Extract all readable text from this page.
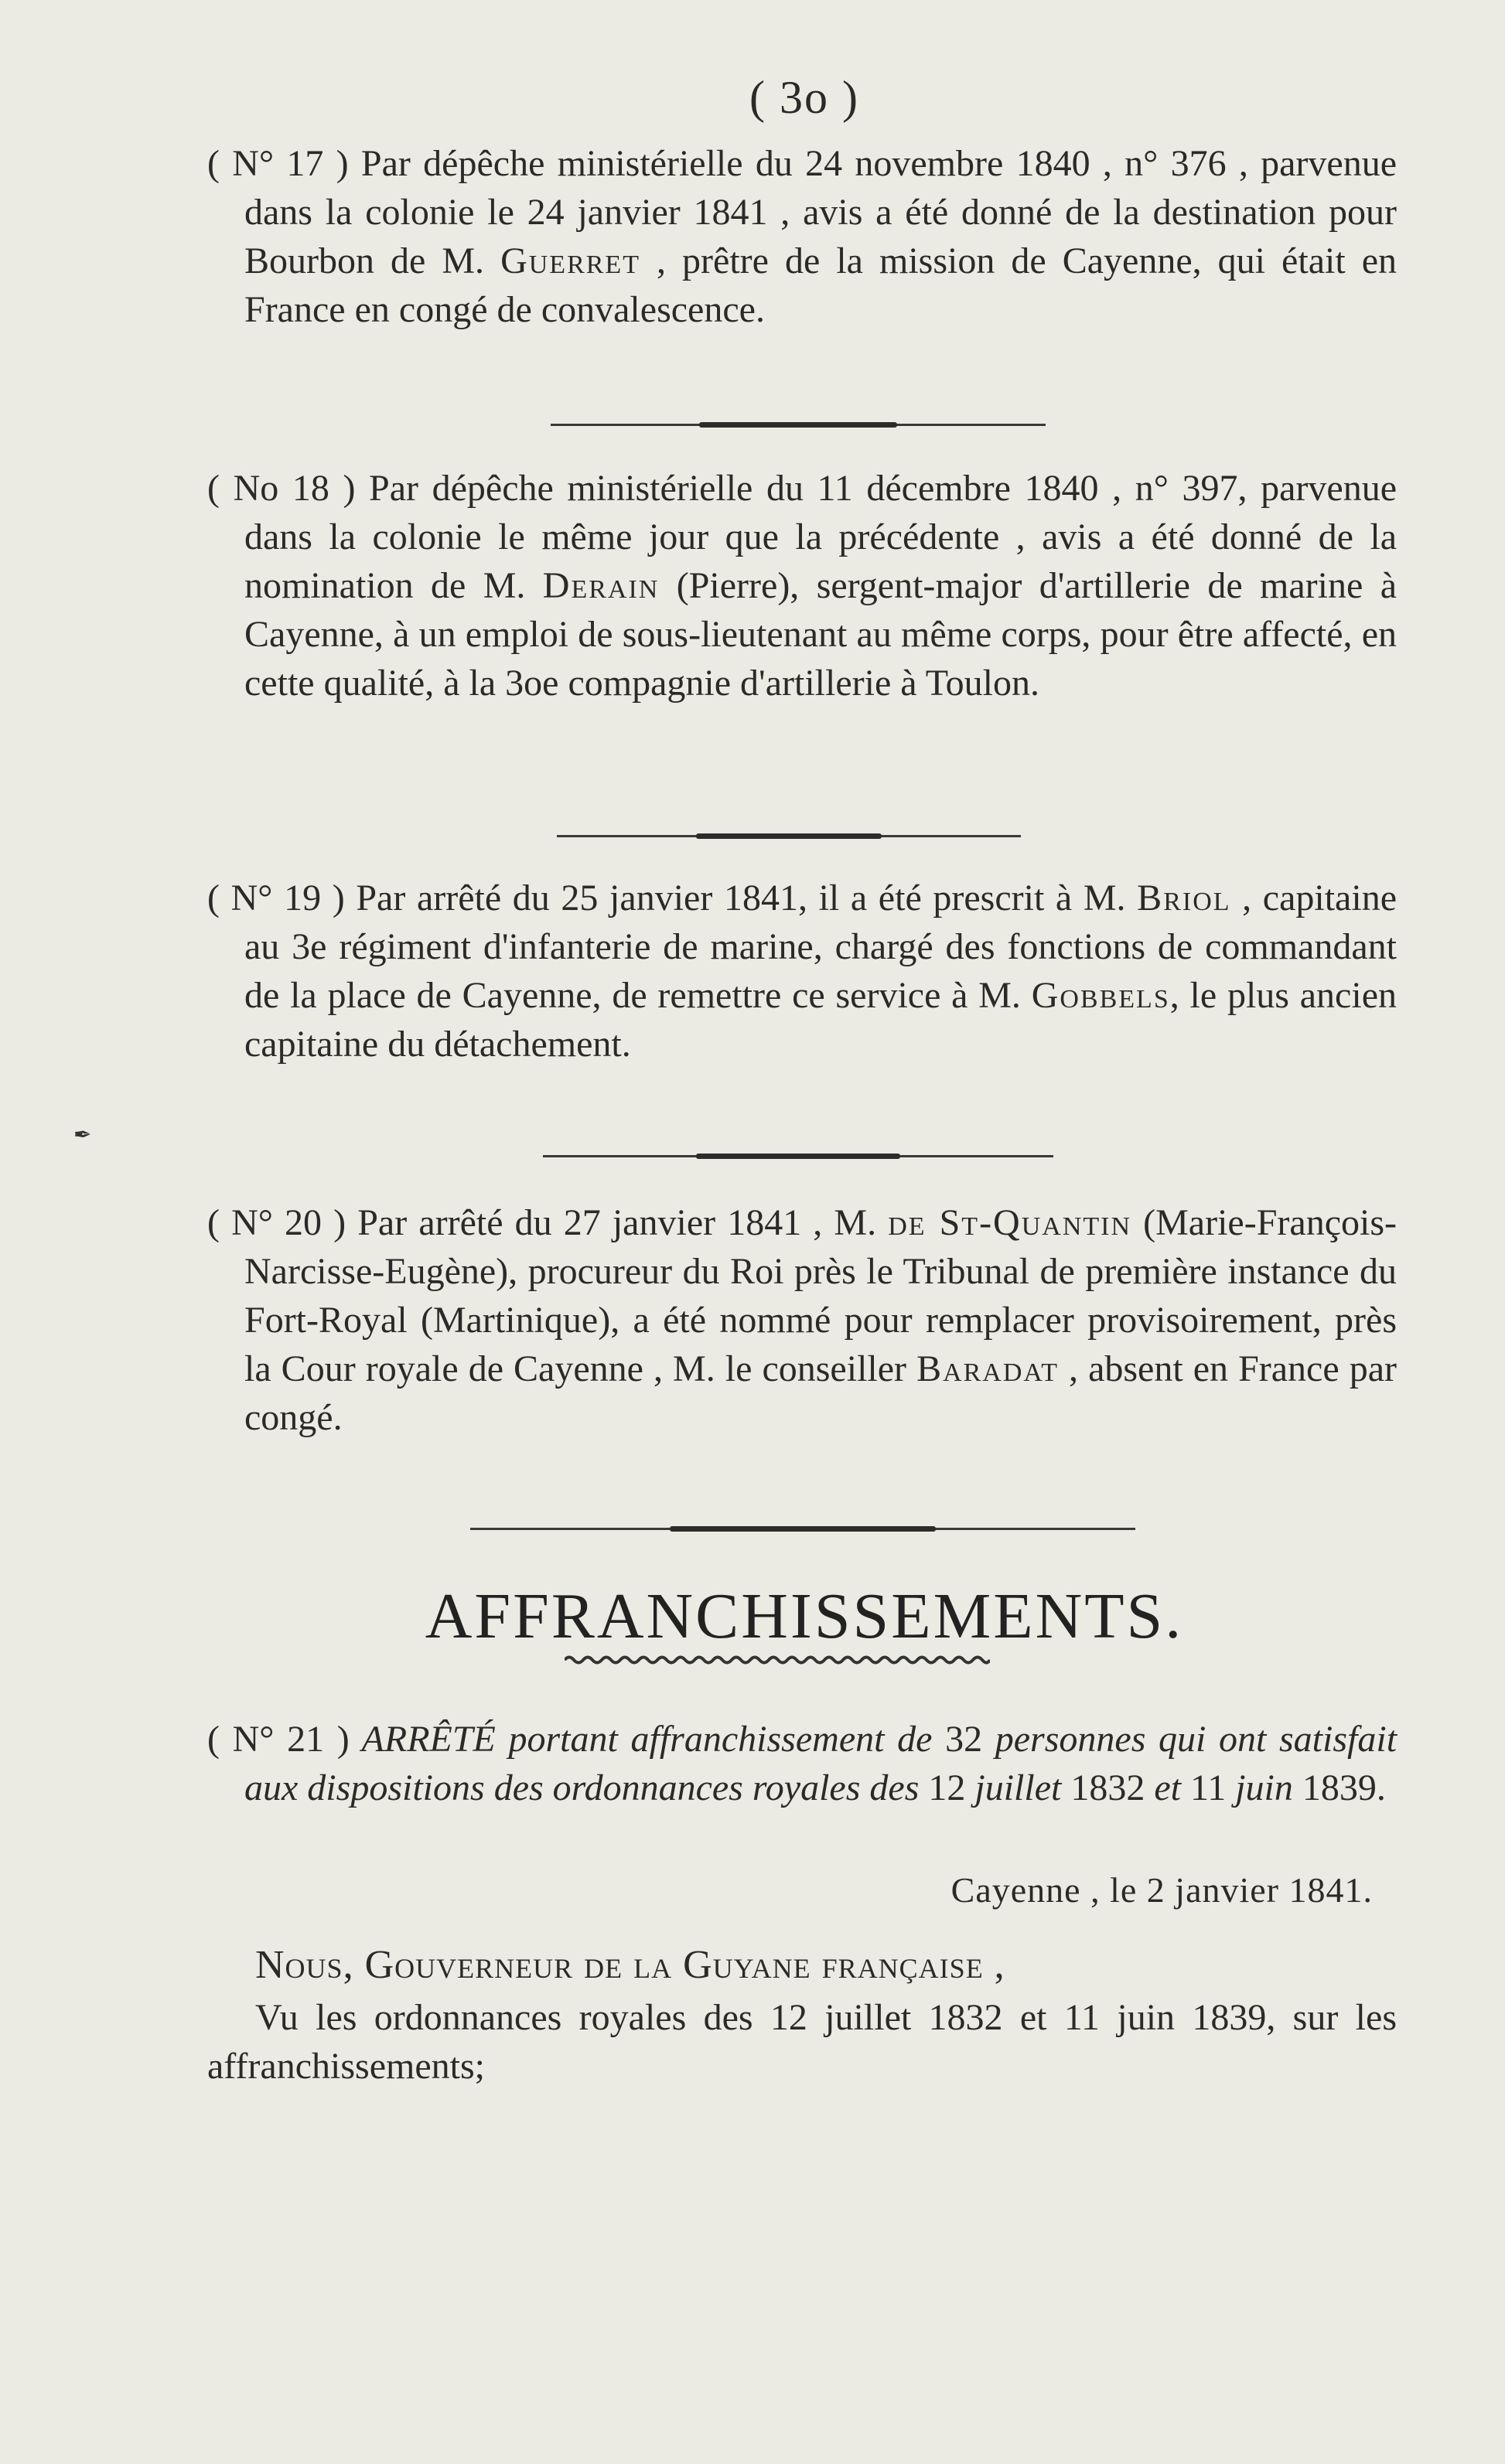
( 3o )

( N° 17 ) Par dépêche ministérielle du 24 novembre 1840 , n° 376 , parvenue dans la colonie le 24 janvier 1841 , avis a été donné de la destination pour Bourbon de M. Guerret , prêtre de la mission de Cayenne, qui était en France en congé de convalescence.

( No 18 ) Par dépêche ministérielle du 11 décembre 1840 , n° 397, parvenue dans la colonie le même jour que la précédente , avis a été donné de la nomination de M. Derain (Pierre), sergent-major d'artillerie de marine à Cayenne, à un emploi de sous-lieutenant au même corps, pour être affecté, en cette qualité, à la 3oe compagnie d'artillerie à Toulon.

( N° 19 ) Par arrêté du 25 janvier 1841, il a été prescrit à M. Briol , capitaine au 3e régiment d'infanterie de marine, chargé des fonctions de commandant de la place de Cayenne, de remettre ce service à M. Gobbels, le plus ancien capitaine du détachement.

✒

( N° 20 ) Par arrêté du 27 janvier 1841 , M. de St-Quantin (Marie-François-Narcisse-Eugène), procureur du Roi près le Tribunal de première instance du Fort-Royal (Martinique), a été nommé pour remplacer provisoirement, près la Cour royale de Cayenne , M. le conseiller Baradat , absent en France par congé.

AFFRANCHISSEMENTS.

( N° 21 ) ARRÊTÉ portant affranchissement de 32 personnes qui ont satisfait aux dispositions des ordonnances royales des 12 juillet 1832 et 11 juin 1839.

Cayenne , le 2 janvier 1841.
Nous, Gouverneur de la Guyane française ,

Vu les ordonnances royales des 12 juillet 1832 et 11 juin 1839, sur les affranchissements;
